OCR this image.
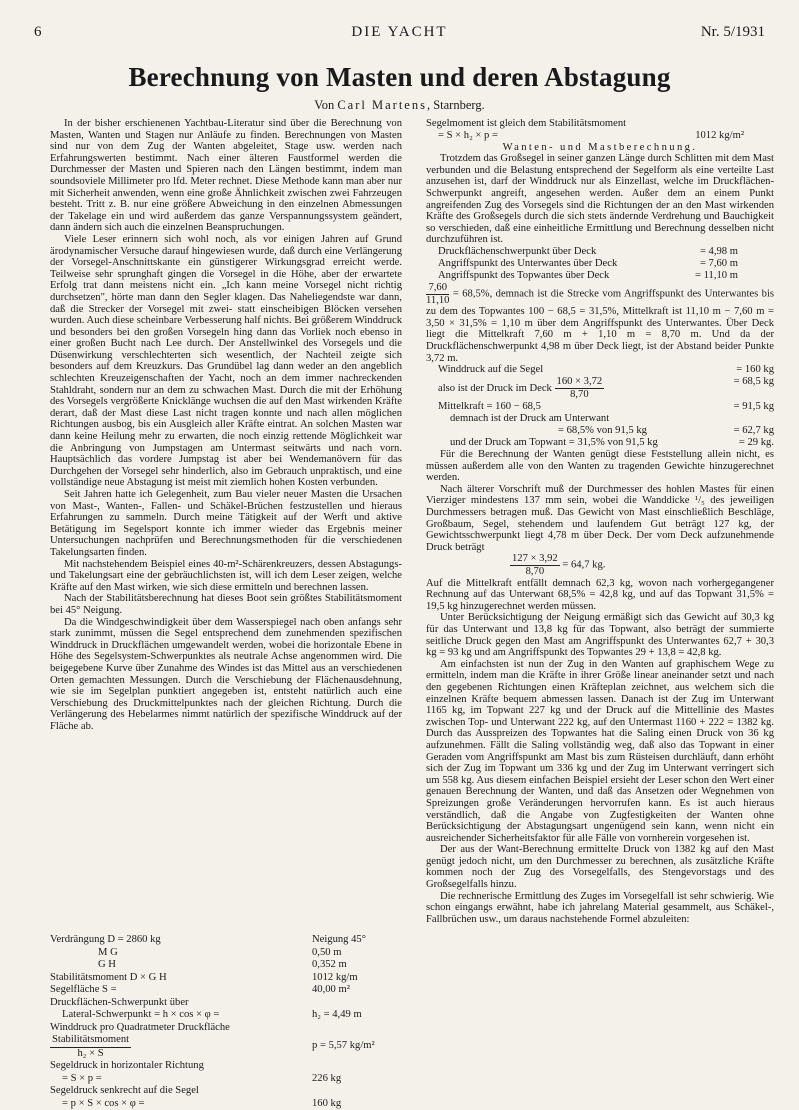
6	DIE YACHT	Nr. 5/1931
Berechnung von Masten und deren Abstagung
Von Carl Martens, Starnberg.

In der bisher erschienenen Yachtbau-Literatur sind über die Berechnung von Masten, Wanten und Stagen nur Anläufe zu finden. Berechnungen von Masten sind nur von dem Zug der Wanten abgeleitet, Stage usw. werden nach Erfahrungswerten bestimmt. Nach einer älteren Faustformel werden die Durchmesser der Masten und Spieren nach den Längen bestimmt, indem man soundsoviele Millimeter pro lfd. Meter rechnet. Diese Methode kann man aber nur mit Sicherheit anwenden, wenn eine große Ähnlichkeit zwischen zwei Fahrzeugen besteht. Tritt z. B. nur eine größere Abweichung in den einzelnen Abmessungen der Takelage ein und wird außerdem das ganze Verspannungssystem geändert, dann ändern sich auch die einzelnen Beanspruchungen.

Viele Leser erinnern sich wohl noch, als vor einigen Jahren auf Grund ärodynamischer Versuche darauf hingewiesen wurde, daß durch eine Verlängerung der Vorsegel-Anschnittskante ein günstigerer Wirkungsgrad erreicht werde. Teilweise sehr sprunghaft gingen die Vorsegel in die Höhe, aber der erwartete Erfolg trat dann meistens nicht ein. „Ich kann meine Vorsegel nicht richtig durchsetzen", hörte man dann den Segler klagen. Das Naheliegendste war dann, daß die Strecker der Vorsegel mit zwei- statt einscheibigen Blöcken versehen wurden. Auch diese scheinbare Verbesserung half nichts. Bei größerem Winddruck und besonders bei den großen Vorsegeln hing dann das Vorliek noch ebenso in einer großen Bucht nach Lee durch. Der Anstellwinkel des Vorsegels und die Düsenwirkung verschlechterten sich wesentlich, der Nachteil zeigte sich besonders auf dem Kreuzkurs. Das Grundübel lag dann weder an den angeblich schlechten Kreuzeigenschaften der Yacht, noch an dem immer nachreckenden Stahldraht, sondern nur an dem zu schwachen Mast. Durch die mit der Erhöhung des Vorsegels vergrößerte Knicklänge wuchsen die auf den Mast wirkenden Kräfte derart, daß der Mast diese Last nicht tragen konnte und nach allen möglichen Richtungen ausbog, bis ein Ausgleich aller Kräfte eintrat. An solchen Masten war dann keine Heilung mehr zu erwarten, die noch einzig rettende Möglichkeit war die Anbringung von Jumpstagen am Untermast seitwärts und nach vorn. Hauptsächlich das vordere Jumpstag ist aber bei Wendemanövern für das Durchgehen der Vorsegel sehr hinderlich, also im Gebrauch unpraktisch, und eine vollständige neue Abstagung ist meist mit ziemlich hohen Kosten verbunden.

Seit Jahren hatte ich Gelegenheit, zum Bau vieler neuer Masten die Ursachen von Mast-, Wanten-, Fallen- und Schäkel-Brüchen festzustellen und hieraus Erfahrungen zu sammeln. Durch meine Tätigkeit auf der Werft und aktive Betätigung im Segelsport konnte ich immer wieder das Ergebnis meiner Untersuchungen nachprüfen und Berechnungsmethoden für die verschiedenen Takelungsarten finden.

Mit nachstehendem Beispiel eines 40-m²-Schärenkreuzers, dessen Abstagungs- und Takelungsart eine der gebräuchlichsten ist, will ich dem Leser zeigen, welche Kräfte auf den Mast wirken, wie sich diese ermitteln und berechnen lassen.

Nach der Stabilitätsberechnung hat dieses Boot sein größtes Stabilitätsmoment bei 45° Neigung.

Da die Windgeschwindigkeit über dem Wasserspiegel nach oben anfangs sehr stark zunimmt, müssen die Segel entsprechend dem zunehmenden spezifischen Winddruck in Druckflächen umgewandelt werden, wobei die horizontale Ebene in Höhe des Segelsystem-Schwerpunktes als neutrale Achse angenommen wird. Die beigegebene Kurve über Zunahme des Windes ist das Mittel aus an verschiedenen Orten gemachten Messungen. Durch die Verschiebung der Flächenausdehnung, wie sie im Segelplan punktiert angegeben ist, entsteht natürlich auch eine Verschiebung des Druckmittelpunktes nach der gleichen Richtung. Durch die Verlängerung des Hebelarmes nimmt natürlich der spezifische Winddruck auf der Fläche ab.

Verdrängung D = 2860 kg	Neigung 45°
M G	0,50 m
G H	0,352 m
Stabilitätsmoment D × G H	1012 kg/m
Segelfläche S =	40,00 m²
Druckflächen-Schwerpunkt über
Lateral-Schwerpunkt = h × cos × φ =	h₂ = 4,49 m
Winddruck pro Quadratmeter Druckfläche
$\frac{\text{Stabilitätsmoment}}{\text{h₂ × S}}$	p = 5,57 kg/m²
Segeldruck in horizontaler Richtung
= S × p =	226 kg
Segeldruck senkrecht auf die Segel
= p × S × cos × φ =	160 kg

Segelmoment ist gleich dem Stabilitätsmoment

= S × h₂ × p =	1012 kg/m²

Wanten- und Mastberechnung.

Trotzdem das Großsegel in seiner ganzen Länge durch Schlitten mit dem Mast verbunden und die Belastung entsprechend der Segelform als eine verteilte Last anzusehen ist, darf der Winddruck nur als Einzellast, welche im Druckflächen-Schwerpunkt angreift, angesehen werden. Außer dem an einem Punkt angreifenden Zug des Vorsegels sind die Richtungen der an den Mast wirkenden Kräfte des Großsegels durch die sich stets ändernde Verdrehung und Bauchigkeit so verschieden, daß eine einheitliche Ermittlung und Berechnung desselben nicht durchzuführen ist.

Druckflächenschwerpunkt über Deck	= 4,98 m
Angriffspunkt des Unterwantes über Deck	= 7,60 m
Angriffspunkt des Topwantes über Deck	= 11,10 m

$\frac{7,60}{11,10} = 68,5\%$, demnach ist die Strecke vom Angriffspunkt des Unterwantes bis zu dem des Topwantes 100 − 68,5 = 31,5%, Mittelkraft ist 11,10 m − 7,60 m = 3,50 × 31,5% = 1,10 m über dem Angriffspunkt des Unterwantes. Über Deck liegt die Mittelkraft 7,60 m + 1,10 m = 8,70 m. Und da der Druckflächenschwerpunkt 4,98 m über Deck liegt, ist der Abstand beider Punkte 3,72 m.

Winddruck auf die Segel	= 160 kg
also ist der Druck im Deck $\frac{160 \times 3,72}{8,70}$	= 68,5 kg
Mittelkraft = 160 − 68,5	= 91,5 kg
demnach ist der Druck am Unterwant	
= 68,5% von 91,5 kg	= 62,7 kg
und der Druck am Topwant = 31,5% von 91,5 kg	= 29 kg.

Für die Berechnung der Wanten genügt diese Feststellung allein nicht, es müssen außerdem alle von den Wanten zu tragenden Gewichte hinzugerechnet werden.

Nach älterer Vorschrift muß der Durchmesser des hohlen Mastes für einen Vierziger mindestens 137 mm sein, wobei die Wanddicke ¹/₅ des jeweiligen Durchmessers betragen muß. Das Gewicht von Mast einschließlich Beschläge, Großbaum, Segel, stehendem und laufendem Gut beträgt 127 kg, der Gewichtsschwerpunkt liegt 4,78 m über Deck. Der vom Deck aufzunehmende Druck beträgt

$\frac{127 \times 3,92}{8,70} = 64,7$ kg.

Auf die Mittelkraft entfällt demnach 62,3 kg, wovon nach vorhergegangener Rechnung auf das Unterwant 68,5% = 42,8 kg, und auf das Topwant 31,5% = 19,5 kg hinzugerechnet werden müssen.

Unter Berücksichtigung der Neigung ermäßigt sich das Gewicht auf 30,3 kg für das Unterwant und 13,8 kg für das Topwant, also beträgt der summierte seitliche Druck gegen den Mast am Angriffspunkt des Unterwantes 62,7 + 30,3 kg = 93 kg und am Angriffspunkt des Topwantes 29 + 13,8 = 42,8 kg.

Am einfachsten ist nun der Zug in den Wanten auf graphischem Wege zu ermitteln, indem man die Kräfte in ihrer Größe linear aneinander setzt und nach den gegebenen Richtungen einen Kräfteplan zeichnet, aus welchem sich die einzelnen Kräfte bequem abmessen lassen. Danach ist der Zug im Unterwant 1165 kg, im Topwant 227 kg und der Druck auf die Mittellinie des Mastes zwischen Top- und Unterwant 222 kg, auf den Untermast 1160 + 222 = 1382 kg. Durch das Ausspreizen des Topwantes hat die Saling einen Druck von 36 kg aufzunehmen. Fällt die Saling vollständig weg, daß also das Topwant in einer Geraden vom Angriffspunkt am Mast bis zum Rüsteisen durchläuft, dann erhöht sich der Zug im Topwant um 336 kg und der Zug im Unterwant verringert sich um 558 kg. Aus diesem einfachen Beispiel ersieht der Leser schon den Wert einer genauen Berechnung der Wanten, und daß das Ansetzen oder Wegnehmen von Spreizungen große Veränderungen hervorrufen kann. Es ist auch hieraus verständlich, daß die Angabe von Zugfestigkeiten der Wanten ohne Berücksichtigung der Abstagungsart ungenügend sein kann, wenn nicht ein ausreichender Sicherheitsfaktor für alle Fälle von vornherein vorgesehen ist.

Der aus der Want-Berechnung ermittelte Druck von 1382 kg auf den Mast genügt jedoch nicht, um den Durchmesser zu berechnen, als zusätzliche Kräfte kommen noch der Zug des Vorsegelfalls, des Stengevorstags und des Großsegelfalls hinzu.

Die rechnerische Ermittlung des Zuges im Vorsegelfall ist sehr schwierig. Wie schon eingangs erwähnt, habe ich jahrelang Material gesammelt, aus Schäkel-, Fallbrüchen usw., um daraus nachstehende Formel abzuleiten:
